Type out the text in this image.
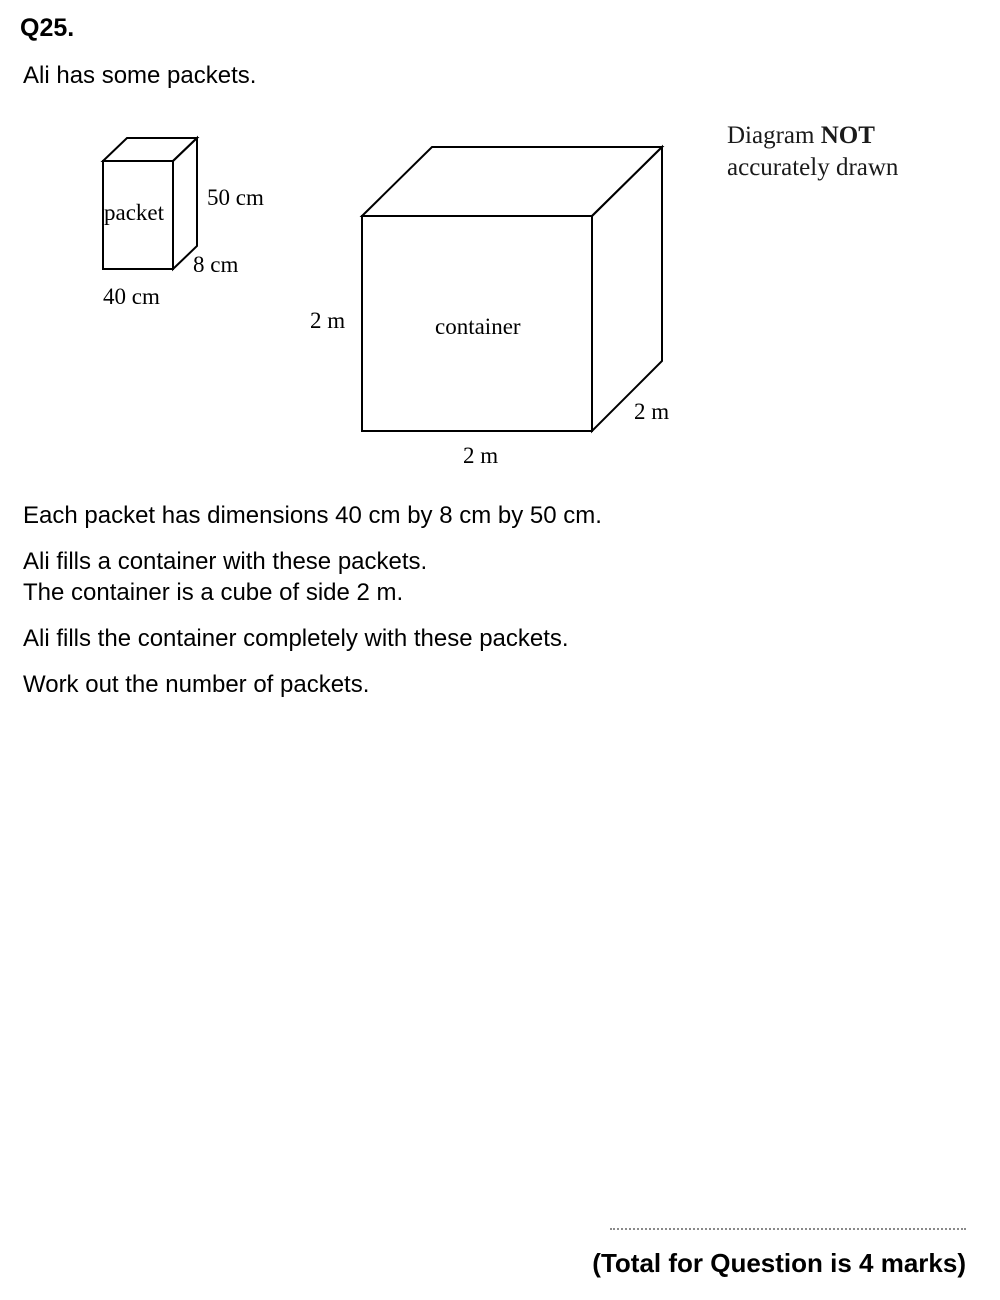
Q25.

Ali has some packets.

packet
50 cm
8 cm
40 cm
container
2 m
2 m
2 m

Diagram NOT
accurately drawn

Each packet has dimensions 40 cm by 8 cm by 50 cm.

Ali fills a container with these packets.
The container is a cube of side 2 m.

Ali fills the container completely with these packets.

Work out the number of packets.

(Total for Question is 4 marks)
